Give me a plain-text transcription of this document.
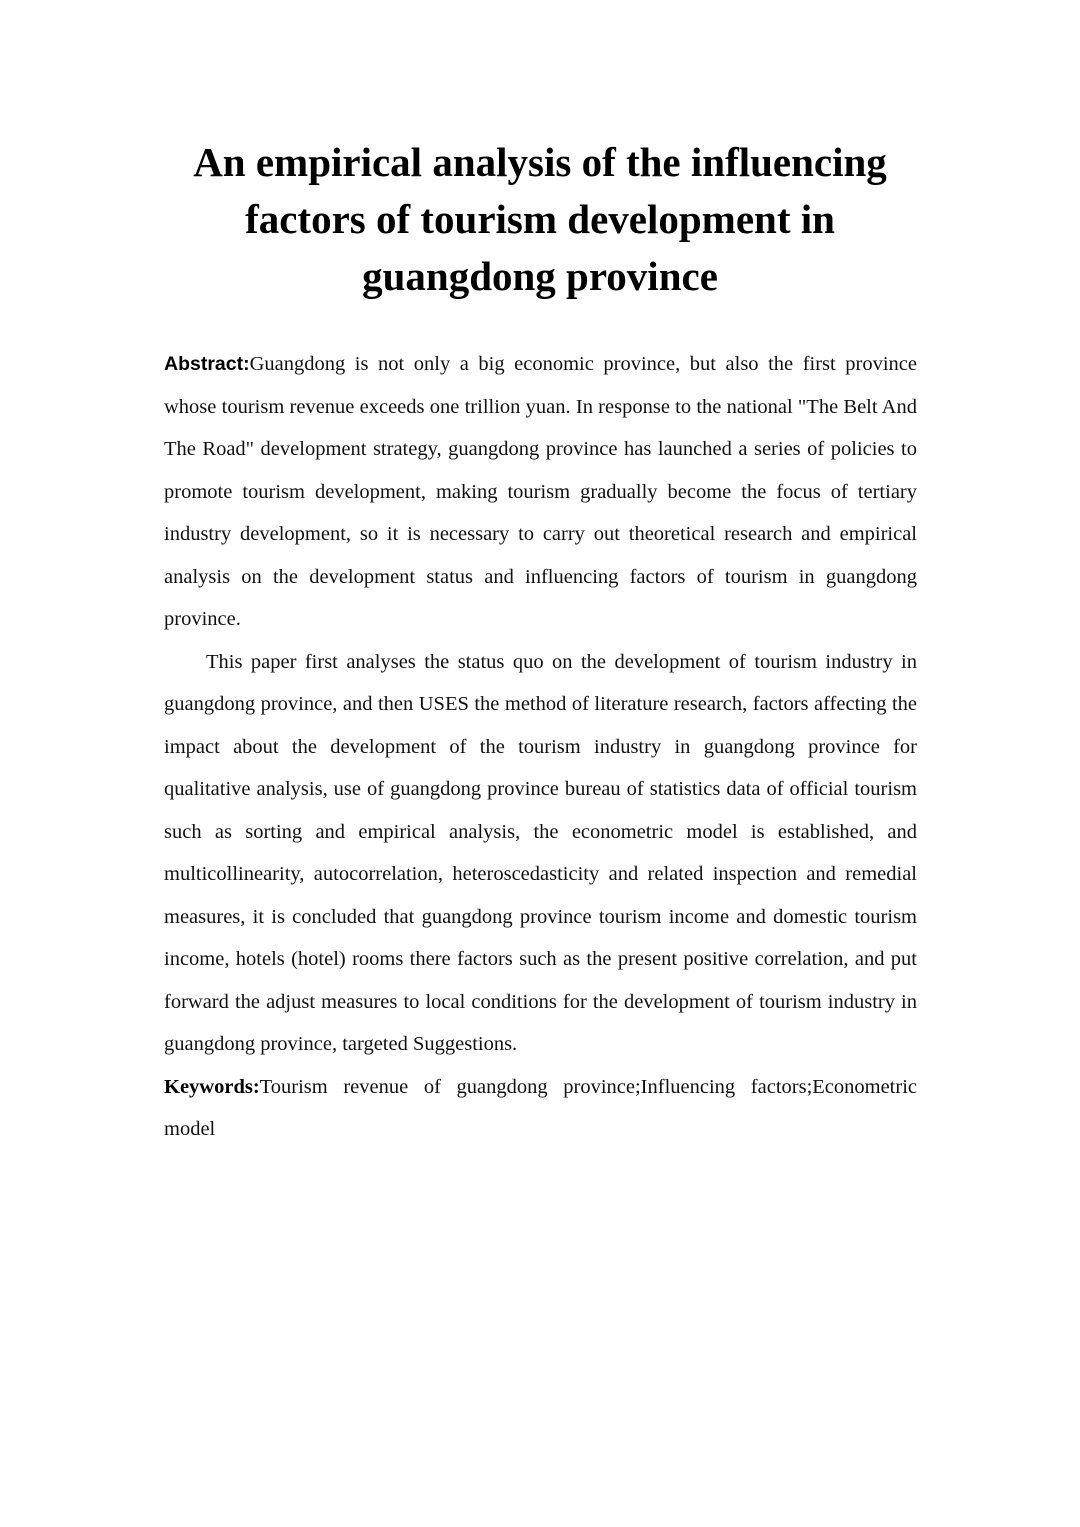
An empirical analysis of the influencing
factors of tourism development in
guangdong province

Abstract:Guangdong is not only a big economic province, but also the first province whose tourism revenue exceeds one trillion yuan. In response to the national "The Belt And The Road" development strategy, guangdong province has launched a series of policies to promote tourism development, making tourism gradually become the focus of tertiary industry development, so it is necessary to carry out theoretical research and empirical analysis on the development status and influencing factors of tourism in guangdong province.

This paper first analyses the status quo on the development of tourism industry in guangdong province, and then USES the method of literature research, factors affecting the impact about the development of the tourism industry in guangdong province for qualitative analysis, use of guangdong province bureau of statistics data of official tourism such as sorting and empirical analysis, the econometric model is established, and multicollinearity, autocorrelation, heteroscedasticity and related inspection and remedial measures, it is concluded that guangdong province tourism income and domestic tourism income, hotels (hotel) rooms there factors such as the present positive correlation, and put forward the adjust measures to local conditions for the development of tourism industry in guangdong province, targeted Suggestions.

Keywords:Tourism revenue of guangdong province;Influencing factors;Econometric model
